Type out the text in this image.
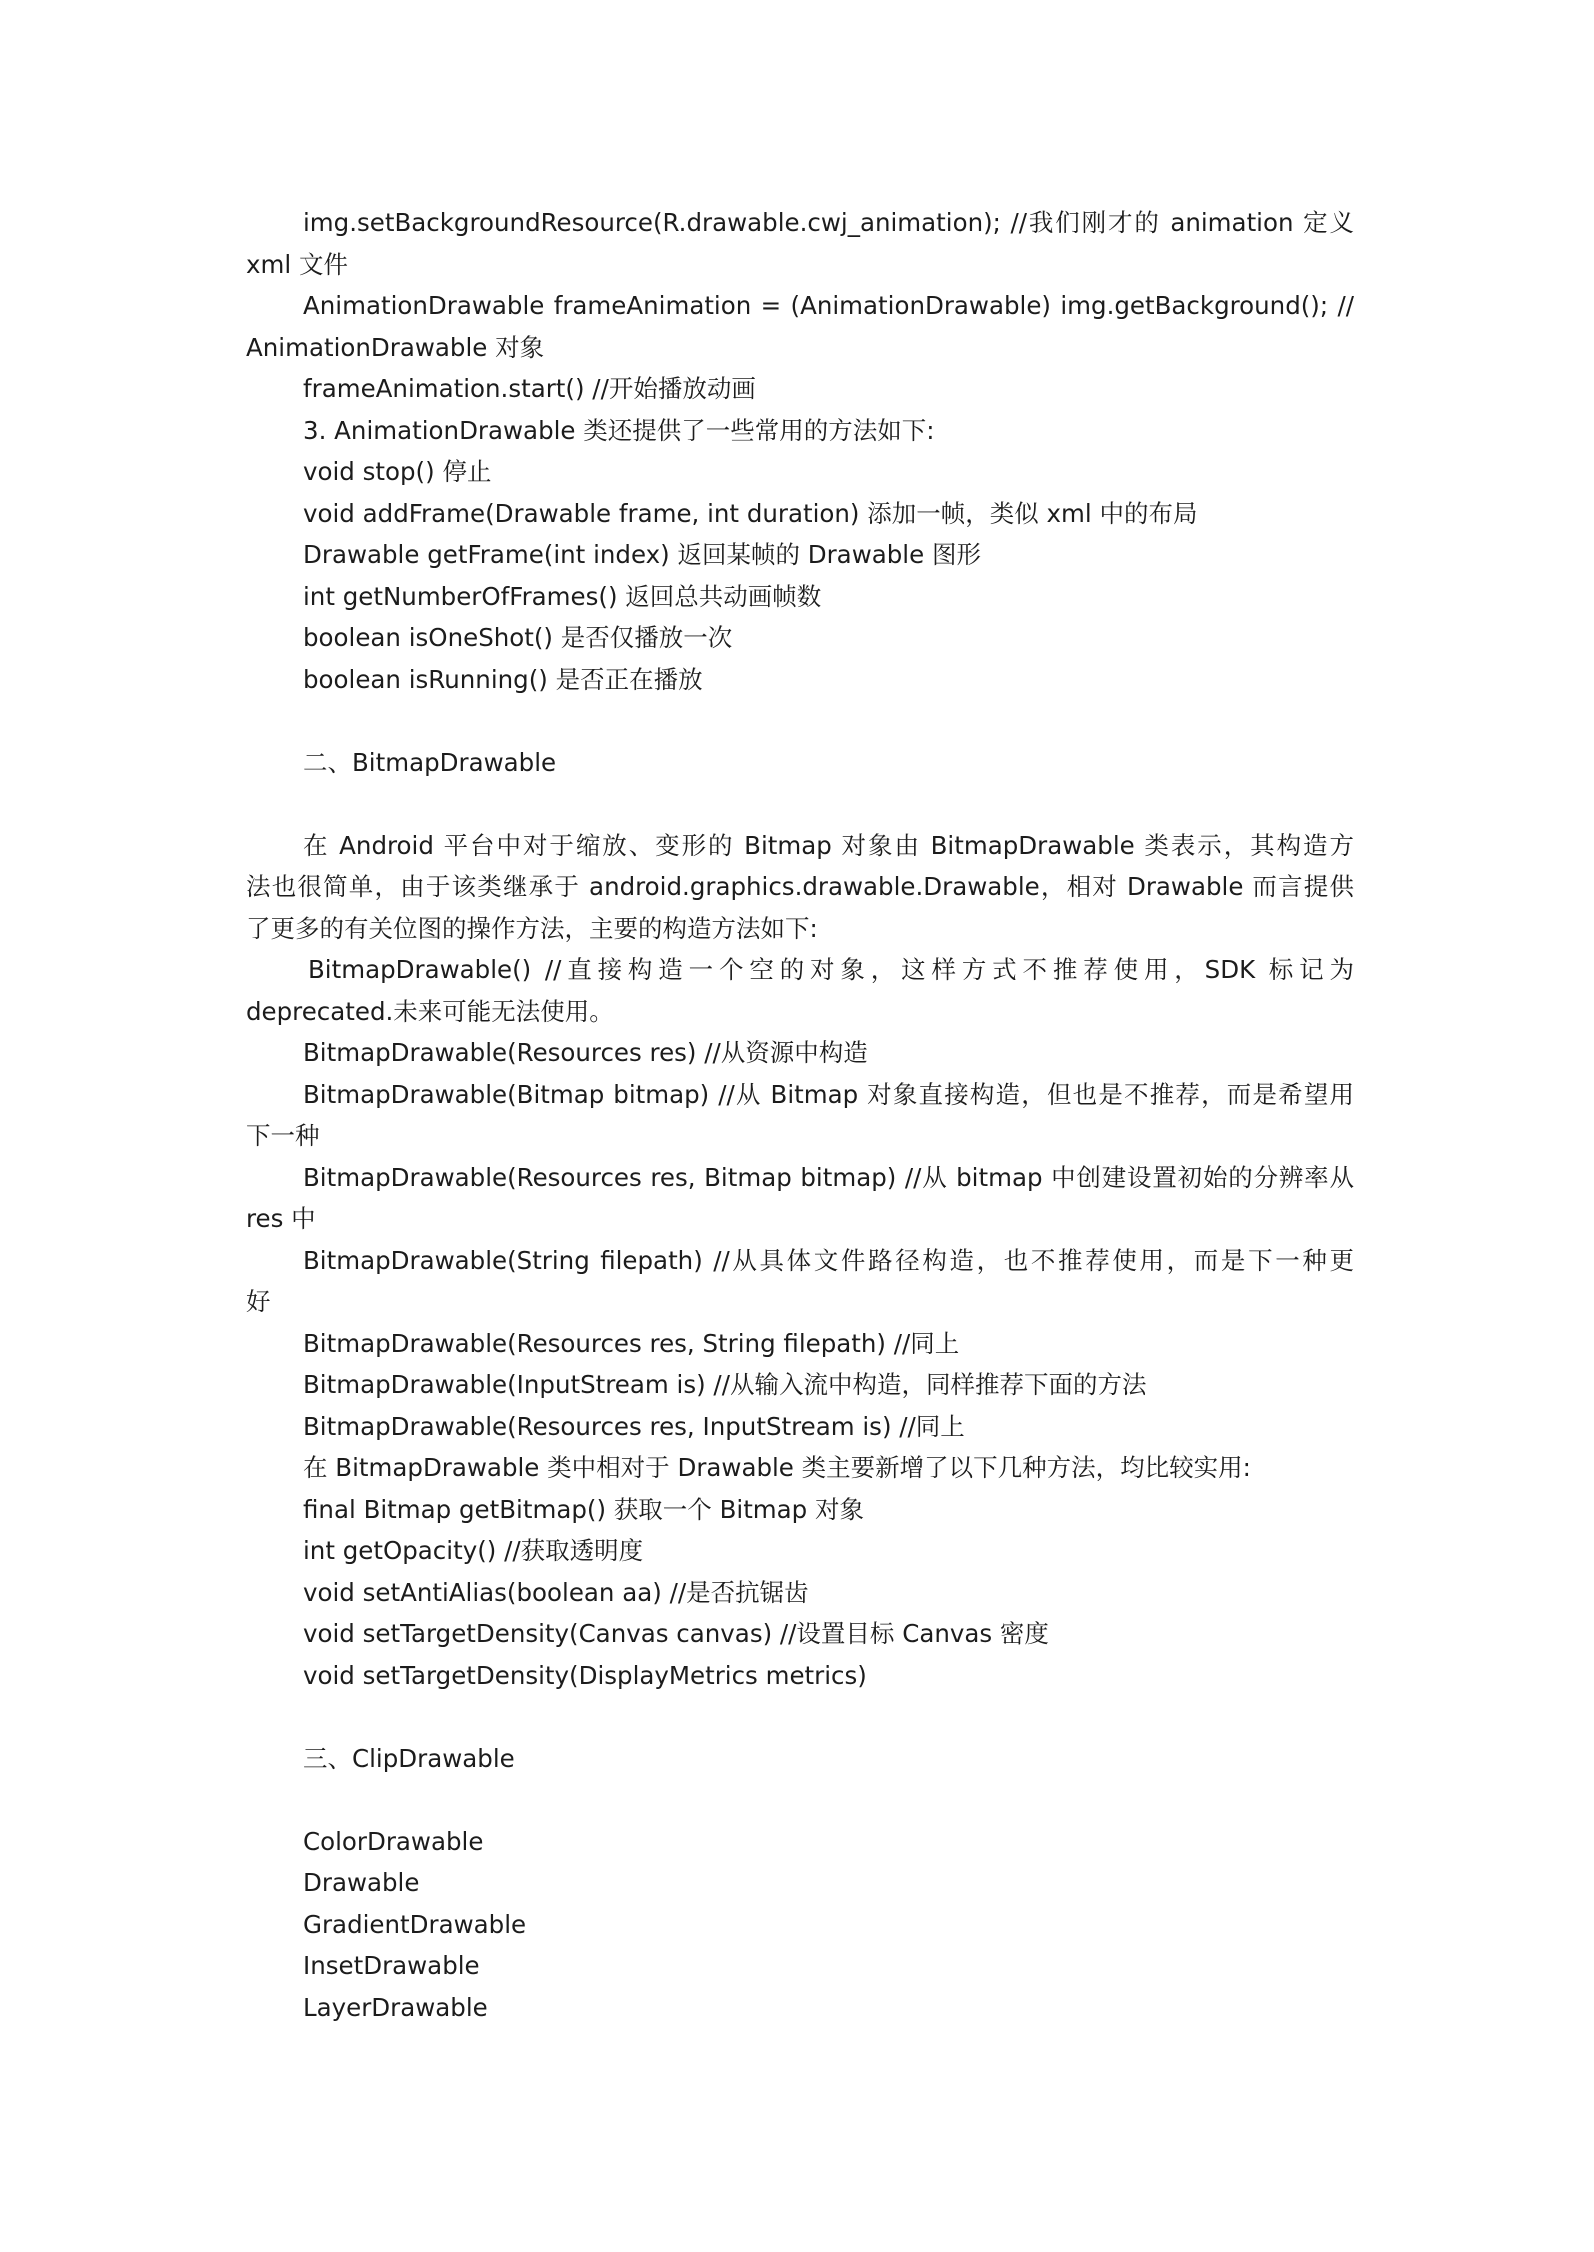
img.setBackgroundResource(R.drawable.cwj_animation); //我们刚才的 animation 定义
xml 文件
AnimationDrawable frameAnimation = (AnimationDrawable) img.getBackground(); //
AnimationDrawable 对象
frameAnimation.start() //开始播放动画
3. AnimationDrawable 类还提供了一些常用的方法如下:
void stop() 停止
void addFrame(Drawable frame, int duration) 添加一帧，类似 xml 中的布局
Drawable getFrame(int index) 返回某帧的 Drawable 图形
int getNumberOfFrames() 返回总共动画帧数
boolean isOneShot() 是否仅播放一次
boolean isRunning() 是否正在播放
二、BitmapDrawable
在 Android 平台中对于缩放、变形的 Bitmap 对象由 BitmapDrawable 类表示，其构造方
法也很简单，由于该类继承于 android.graphics.drawable.Drawable，相对 Drawable 而言提供
了更多的有关位图的操作方法，主要的构造方法如下:
BitmapDrawable() //直接构造一个空的对象，这样方式不推荐使用，SDK 标记为
deprecated.未来可能无法使用。
BitmapDrawable(Resources res) //从资源中构造
BitmapDrawable(Bitmap bitmap) //从 Bitmap 对象直接构造，但也是不推荐，而是希望用
下一种
BitmapDrawable(Resources res, Bitmap bitmap) //从 bitmap 中创建设置初始的分辨率从
res 中
BitmapDrawable(String filepath) //从具体文件路径构造，也不推荐使用，而是下一种更
好
BitmapDrawable(Resources res, String filepath) //同上
BitmapDrawable(InputStream is) //从输入流中构造，同样推荐下面的方法
BitmapDrawable(Resources res, InputStream is) //同上
在 BitmapDrawable 类中相对于 Drawable 类主要新增了以下几种方法，均比较实用:
final Bitmap getBitmap() 获取一个 Bitmap 对象
int getOpacity() //获取透明度
void setAntiAlias(boolean aa) //是否抗锯齿
void setTargetDensity(Canvas canvas) //设置目标 Canvas 密度
void setTargetDensity(DisplayMetrics metrics)
三、ClipDrawable
ColorDrawable
Drawable
GradientDrawable
InsetDrawable
LayerDrawable
